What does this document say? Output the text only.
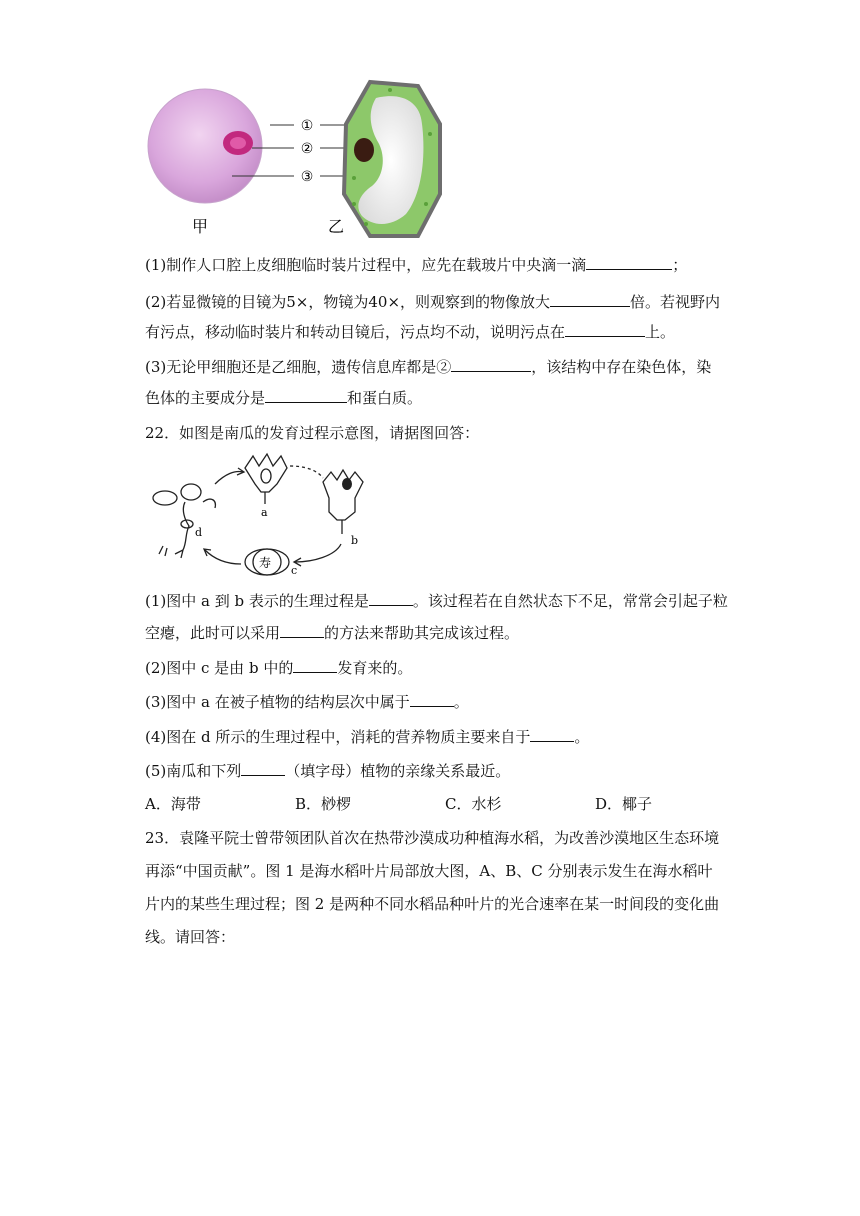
①
②
③
甲	乙
(1)制作人口腔上皮细胞临时装片过程中，应先在载玻片中央滴一滴	；
(2)若显微镜的目镜为5×，物镜为40×，则观察到的物像放大	倍。若视野内
有污点，移动临时装片和转动目镜后，污点均不动，说明污点在	上。
(3)无论甲细胞还是乙细胞，遗传信息库都是②	，该结构中存在染色体，染
色体的主要成分是	和蛋白质。
22．如图是南瓜的发育过程示意图，请据图回答：
a
b
c
d
寿
(1)图中 a 到 b 表示的生理过程是	。该过程若在自然状态下不足，常常会引起子粒
空瘪，此时可以采用	的方法来帮助其完成该过程。
(2)图中 c 是由 b 中的	发育来的。
(3)图中 a 在被子植物的结构层次中属于	。
(4)图在 d 所示的生理过程中，消耗的营养物质主要来自于	。
(5)南瓜和下列	（填字母）植物的亲缘关系最近。
A．海带	B．桫椤	C．水杉	D．椰子
23．袁隆平院士曾带领团队首次在热带沙漠成功种植海水稻，为改善沙漠地区生态环境
再添“中国贡献”。图 1 是海水稻叶片局部放大图，A、B、C 分别表示发生在海水稻叶
片内的某些生理过程；图 2 是两种不同水稻品种叶片的光合速率在某一时间段的变化曲
线。请回答：
